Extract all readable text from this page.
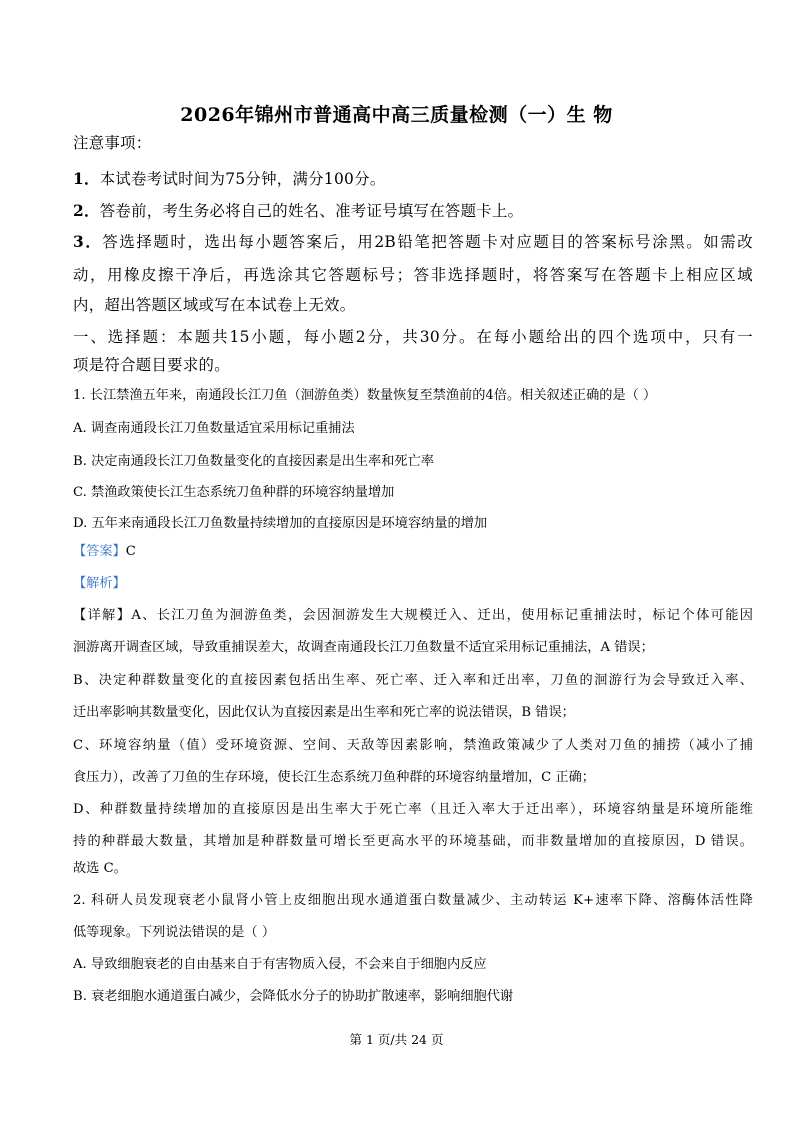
2026年锦州市普通高中高三质量检测（一）生 物
注意事项：
1．本试卷考试时间为75分钟，满分100分。
2．答卷前，考生务必将自己的姓名、准考证号填写在答题卡上。
3．答选择题时，选出每小题答案后，用2B铅笔把答题卡对应题目的答案标号涂黑。如需改
动，用橡皮擦干净后，再选涂其它答题标号；答非选择题时，将答案写在答题卡上相应区域
内，超出答题区域或写在本试卷上无效。
一、选择题：本题共15小题，每小题2分，共30分。在每小题给出的四个选项中，只有一
项是符合题目要求的。
1. 长江禁渔五年来，南通段长江刀鱼（洄游鱼类）数量恢复至禁渔前的4倍。相关叙述正确的是（ ）
A. 调查南通段长江刀鱼数量适宜采用标记重捕法
B. 决定南通段长江刀鱼数量变化的直接因素是出生率和死亡率
C. 禁渔政策使长江生态系统刀鱼种群的环境容纳量增加
D. 五年来南通段长江刀鱼数量持续增加的直接原因是环境容纳量的增加
【答案】C
【解析】
【详解】A、长江刀鱼为洄游鱼类，会因洄游发生大规模迁入、迁出，使用标记重捕法时，标记个体可能因
洄游离开调查区域，导致重捕误差大，故调查南通段长江刀鱼数量不适宜采用标记重捕法，A 错误；
B、决定种群数量变化的直接因素包括出生率、死亡率、迁入率和迁出率，刀鱼的洄游行为会导致迁入率、
迁出率影响其数量变化，因此仅认为直接因素是出生率和死亡率的说法错误，B 错误；
C、环境容纳量（值）受环境资源、空间、天敌等因素影响，禁渔政策减少了人类对刀鱼的捕捞（减小了捕
食压力），改善了刀鱼的生存环境，使长江生态系统刀鱼种群的环境容纳量增加，C 正确；
D、种群数量持续增加的直接原因是出生率大于死亡率（且迁入率大于迁出率），环境容纳量是环境所能维
持的种群最大数量，其增加是种群数量可增长至更高水平的环境基础，而非数量增加的直接原因，D 错误。
故选 C。
2. 科研人员发现衰老小鼠肾小管上皮细胞出现水通道蛋白数量减少、主动转运 K+速率下降、溶酶体活性降
低等现象。下列说法错误的是（ ）
A. 导致细胞衰老的自由基来自于有害物质入侵，不会来自于细胞内反应
B. 衰老细胞水通道蛋白减少，会降低水分子的协助扩散速率，影响细胞代谢
第 1 页/共 24 页
